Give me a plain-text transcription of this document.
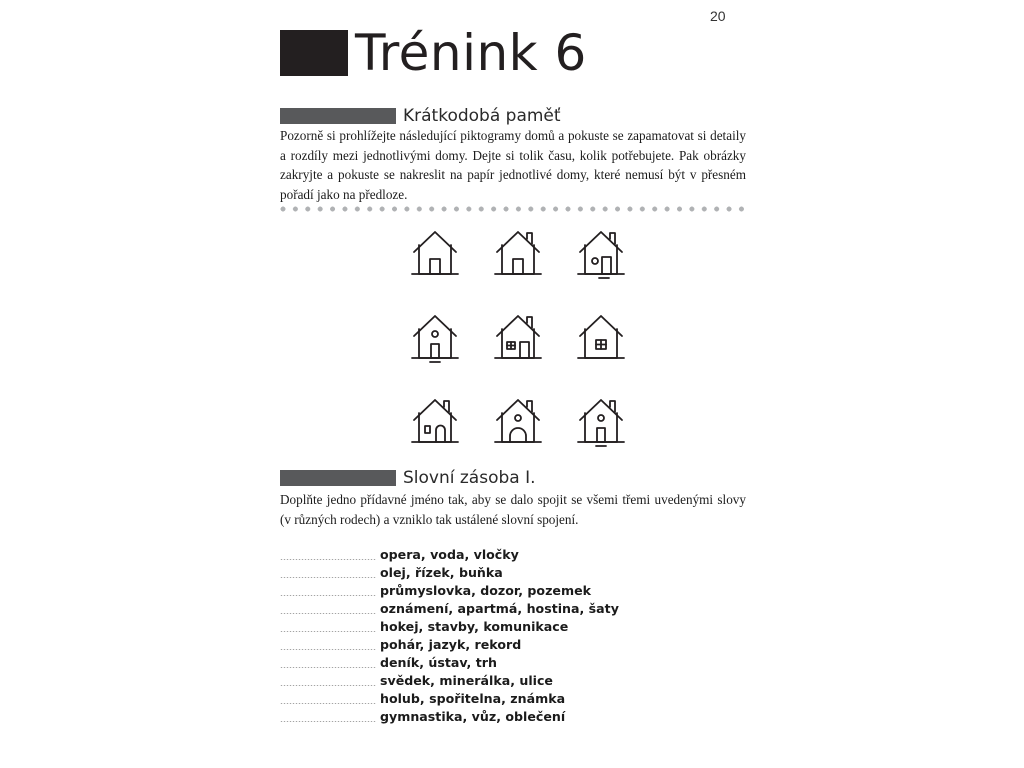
20
Trénink 6
Krátkodobá paměť

Pozorně si prohlížejte následující piktogramy domů a pokuste se zapamatovat si detaily a rozdíly mezi jednotlivými domy. Dejte si tolik času, kolik potřebujete. Pak obrázky zakryjte a pokuste se nakreslit na papír jednotlivé domy, které nemusí být v přesném pořadí jako na předloze.

Slovní zásoba I.

Doplňte jedno přídavné jméno tak, aby se dalo spojit se všemi třemi uvedenými slovy (v různých rodech) a vzniklo tak ustálené slovní spojení.

opera, voda, vločky
olej, řízek, buňka
průmyslovka, dozor, pozemek
oznámení, apartmá, hostina, šaty
hokej, stavby, komunikace
pohár, jazyk, rekord
deník, ústav, trh
svědek, minerálka, ulice
holub, spořitelna, známka
gymnastika, vůz, oblečení
